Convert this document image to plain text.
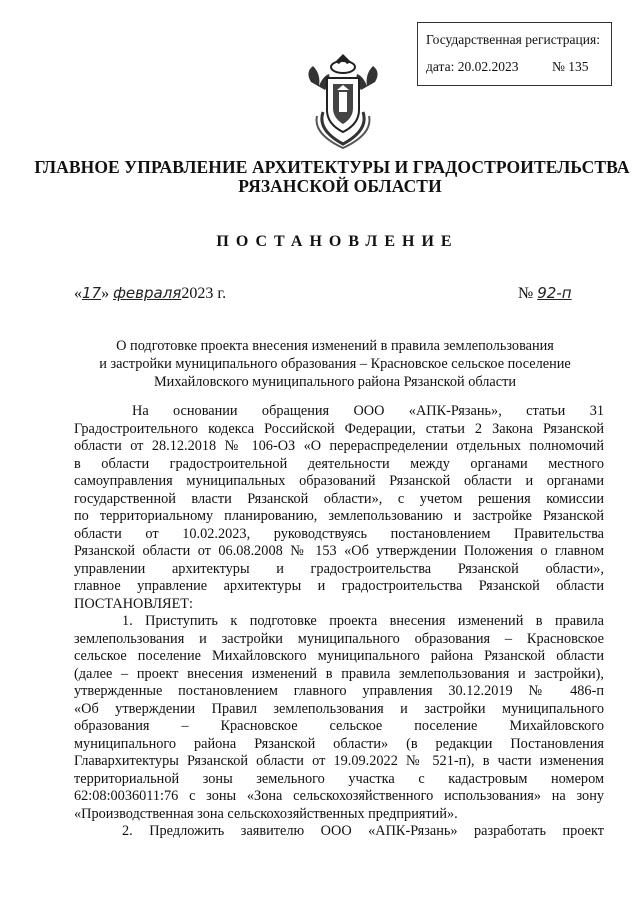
Государственная регистрация:
дата: 20.02.2023 № 135
ГЛАВНОЕ УПРАВЛЕНИЕ АРХИТЕКТУРЫ И ГРАДОСТРОИТЕЛЬСТВА
РЯЗАНСКОЙ ОБЛАСТИ
ПОСТАНОВЛЕНИЕ
«17» февраля2023 г.	№ 92-п
О подготовке проекта внесения изменений в правила землепользования
и застройки муниципального образования – Красновское сельское поселение
Михайловского муниципального района Рязанской области

На основании обращения ООО «АПК-Рязань», статьи 31

Градостроительного кодекса Российской Федерации, статьи 2 Закона Рязанской

области от 28.12.2018 № 106-ОЗ «О перераспределении отдельных полномочий

в области градостроительной деятельности между органами местного

самоуправления муниципальных образований Рязанской области и органами

государственной власти Рязанской области», с учетом решения комиссии

по территориальному планированию, землепользованию и застройке Рязанской

области от 10.02.2023, руководствуясь постановлением Правительства

Рязанской области от 06.08.2008 № 153 «Об утверждении Положения о главном

управлении архитектуры и градостроительства Рязанской области»,

главное управление архитектуры и градостроительства Рязанской области

ПОСТАНОВЛЯЕТ:

1. Приступить к подготовке проекта внесения изменений в правила

землепользования и застройки муниципального образования – Красновское

сельское поселение Михайловского муниципального района Рязанской области

(далее – проект внесения изменений в правила землепользования и застройки),

утвержденные постановлением главного управления 30.12.2019 № 486-п

«Об утверждении Правил землепользования и застройки муниципального

образования – Красновское сельское поселение Михайловского

муниципального района Рязанской области» (в редакции Постановления

Главархитектуры Рязанской области от 19.09.2022 № 521-п), в части изменения

территориальной зоны земельного участка с кадастровым номером

62:08:0036011:76 с зоны «Зона сельскохозяйственного использования» на зону

«Производственная зона сельскохозяйственных предприятий».

2. Предложить заявителю ООО «АПК-Рязань» разработать проект
